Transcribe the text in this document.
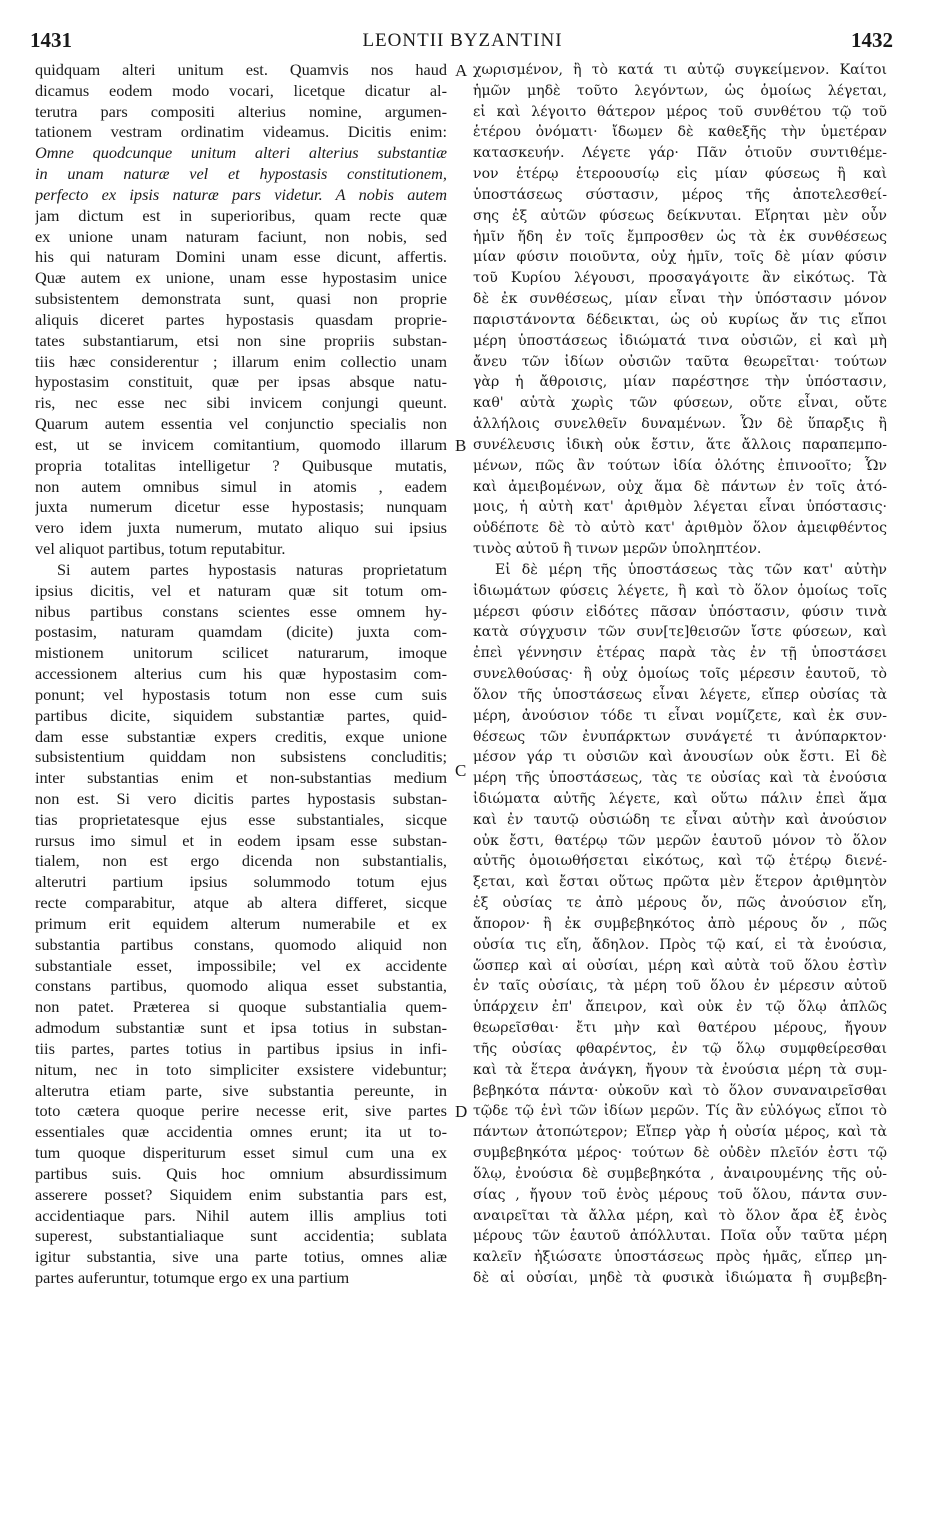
1431	LEONTII BYZANTINI	1432
quidquam alteri unitum est. Quamvis nos haud
dicamus eodem modo vocari, licetque dicatur al-
terutra pars compositi alterius nomine, argumen-
tationem vestram ordinatim videamus. Dicitis enim:
Omne quodcunque unitum alteri alterius substantiæ
in unam naturæ vel et hypostasis constitutionem,
perfecto ex ipsis naturæ pars videtur. A nobis autem
jam dictum est in superioribus, quam recte quæ
ex unione unam naturam faciunt, non nobis, sed
his qui naturam Domini unam esse dicunt, affertis.
Quæ autem ex unione, unam esse hypostasim unice
subsistentem demonstrata sunt, quasi non proprie
aliquis diceret partes hypostasis quasdam proprie-
tates substantiarum, etsi non sine propriis substan-
tiis hæc considerentur ; illarum enim collectio unam
hypostasim constituit, quæ per ipsas absque natu-
ris, nec esse nec sibi invicem conjungi queunt.
Quarum autem essentia vel conjunctio specialis non
est, ut se invicem comitantium, quomodo illarum
propria totalitas intelligetur ? Quibusque mutatis,
non autem omnibus simul in atomis , eadem
juxta numerum dicetur esse hypostasis; nunquam
vero idem juxta numerum, mutato aliquo sui ipsius
vel aliquot partibus, totum reputabitur.
Si autem partes hypostasis naturas proprietatum
ipsius dicitis, vel et naturam quæ sit totum om-
nibus partibus constans scientes esse omnem hy-
postasim, naturam quamdam (dicite) juxta com-
mistionem unitorum scilicet naturarum, imoque
accessionem alterius cum his quæ hypostasim com-
ponunt; vel hypostasis totum non esse cum suis
partibus dicite, siquidem substantiæ partes, quid-
dam esse substantiæ expers creditis, exque unione
subsistentium quiddam non subsistens concluditis;
inter substantias enim et non-substantias medium
non est. Si vero dicitis partes hypostasis substan-
tias proprietatesque ejus esse substantiales, sicque
rursus imo simul et in eodem ipsam esse substan-
tialem, non est ergo dicenda non substantialis,
alterutri partium ipsius solummodo totum ejus
recte comparabitur, atque ab altera differet, sicque
primum erit equidem alterum numerabile et ex
substantia partibus constans, quomodo aliquid non
substantiale esset, impossibile; vel ex accidente
constans partibus, quomodo aliqua esset substantia,
non patet. Præterea si quoque substantialia quem-
admodum substantiæ sunt et ipsa totius in substan-
tiis partes, partes totius in partibus ipsius in infi-
nitum, nec in toto simpliciter exsistere videbuntur;
alterutra etiam parte, sive substantia pereunte, in
toto cætera quoque perire necesse erit, sive partes
essentiales quæ accidentia omnes erunt; ita ut to-
tum quoque disperiturum esset simul cum una ex
partibus suis. Quis hoc omnium absurdissimum
asserere posset? Siquidem enim substantia pars est,
accidentiaque pars. Nihil autem illis amplius toti
superest, substantialiaque sunt accidentia; sublata
igitur substantia, sive una parte totius, omnes aliæ
partes auferuntur, totumque ergo ex una partium
χωρισμένον, ἢ τὸ κατά τι αὐτῷ συγκείμενον. Καίτοι
ἡμῶν μηδὲ τοῦτο λεγόντων, ὡς ὁμοίως λέγεται,
εἰ καὶ λέγοιτο θάτερον μέρος τοῦ συνθέτου τῷ τοῦ
ἑτέρου ὀνόματι· ἴδωμεν δὲ καθεξῆς τὴν ὑμετέραν
κατασκευήν. Λέγετε γάρ· Πᾶν ὁτιοῦν συντιθέμε-
νον ἑτέρῳ ἑτεροουσίῳ εἰς μίαν φύσεως ἢ καὶ
ὑποστάσεως σύστασιν, μέρος τῆς ἀποτελεσθεί-
σης ἐξ αὐτῶν φύσεως δείκνυται. Εἴρηται μὲν οὖν
ἡμῖν ἤδη ἐν τοῖς ἔμπροσθεν ὡς τὰ ἐκ συνθέσεως
μίαν φύσιν ποιοῦντα, οὐχ ἡμῖν, τοῖς δὲ μίαν φύσιν
τοῦ Κυρίου λέγουσι, προσαγάγοιτε ἂν εἰκότως. Τὰ
δὲ ἐκ συνθέσεως, μίαν εἶναι τὴν ὑπόστασιν μόνον
παριστάνοντα δέδεικται, ὡς οὐ κυρίως ἄν τις εἴποι
μέρη ὑποστάσεως ἰδιώματά τινα οὐσιῶν, εἰ καὶ μὴ
ἄνευ τῶν ἰδίων οὐσιῶν ταῦτα θεωρεῖται· τούτων
γὰρ ἡ ἄθροισις, μίαν παρέστησε τὴν ὑπόστασιν,
καθ' αὑτὰ χωρὶς τῶν φύσεων, οὔτε εἶναι, οὔτε
ἀλλήλοις συνελθεῖν δυναμένων. Ὧν δὲ ὕπαρξις ἢ
συνέλευσις ἰδικὴ οὐκ ἔστιν, ἅτε ἄλλοις παραπεμπο-
μένων, πῶς ἂν τούτων ἰδία ὁλότης ἐπινοοῖτο; Ὧν
καὶ ἀμειβομένων, οὐχ ἅμα δὲ πάντων ἐν τοῖς ἀτό-
μοις, ἡ αὐτὴ κατ' ἀριθμὸν λέγεται εἶναι ὑπόστασις·
οὐδέποτε δὲ τὸ αὐτὸ κατ' ἀριθμὸν ὅλον ἀμειφθέντος
τινὸς αὐτοῦ ἢ τινων μερῶν ὑποληπτέον.
Εἰ δὲ μέρη τῆς ὑποστάσεως τὰς τῶν κατ' αὐτὴν
ἰδιωμάτων φύσεις λέγετε, ἢ καὶ τὸ ὅλον ὁμοίως τοῖς
μέρεσι φύσιν εἰδότες πᾶσαν ὑπόστασιν, φύσιν τινὰ
κατὰ σύγχυσιν τῶν συν[τε]θεισῶν ἴστε φύσεων, καὶ
ἐπεὶ γέννησιν ἑτέρας παρὰ τὰς ἐν τῇ ὑποστάσει
συνελθούσας· ἢ οὐχ ὁμοίως τοῖς μέρεσιν ἑαυτοῦ, τὸ
ὅλον τῆς ὑποστάσεως εἶναι λέγετε, εἴπερ οὐσίας τὰ
μέρη, ἀνούσιον τόδε τι εἶναι νομίζετε, καὶ ἐκ συν-
θέσεως τῶν ἐνυπάρκτων συνάγετέ τι ἀνύπαρκτον·
μέσον γάρ τι οὐσιῶν καὶ ἀνουσίων οὐκ ἔστι. Εἰ δὲ
μέρη τῆς ὑποστάσεως, τὰς τε οὐσίας καὶ τὰ ἐνούσια
ἰδιώματα αὐτῆς λέγετε, καὶ οὕτω πάλιν ἐπεὶ ἅμα
καὶ ἐν ταυτῷ οὐσιώδη τε εἶναι αὐτὴν καὶ ἀνούσιον
οὐκ ἔστι, θατέρῳ τῶν μερῶν ἑαυτοῦ μόνον τὸ ὅλον
αὐτῆς ὁμοιωθήσεται εἰκότως, καὶ τῷ ἑτέρῳ διενέ-
ξεται, καὶ ἔσται οὕτως πρῶτα μὲν ἕτερον ἀριθμητὸν
ἐξ οὐσίας τε ἀπὸ μέρους ὄν, πῶς ἀνούσιον εἴη,
ἄπορον· ἢ ἐκ συμβεβηκότος ἀπὸ μέρους ὄν , πῶς
οὐσία τις εἴη, ἄδηλον. Πρὸς τῷ καί, εἰ τὰ ἐνούσια,
ὥσπερ καὶ αἱ οὐσίαι, μέρη καὶ αὐτὰ τοῦ ὅλου ἐστὶν
ἐν ταῖς οὐσίαις, τὰ μέρη τοῦ ὅλου ἐν μέρεσιν αὐτοῦ
ὑπάρχειν ἐπ' ἄπειρον, καὶ οὐκ ἐν τῷ ὅλῳ ἁπλῶς
θεωρεῖσθαι· ἔτι μὴν καὶ θατέρου μέρους, ἤγουν
τῆς οὐσίας φθαρέντος, ἐν τῷ ὅλῳ συμφθείρεσθαι
καὶ τὰ ἕτερα ἀνάγκη, ἤγουν τὰ ἐνούσια μέρη τὰ συμ-
βεβηκότα πάντα· οὐκοῦν καὶ τὸ ὅλον συναναιρεῖσθαι
τῷδε τῷ ἑνὶ τῶν ἰδίων μερῶν. Τίς ἂν εὐλόγως εἴποι τὸ
πάντων ἀτοπώτερον; Εἴπερ γὰρ ἡ οὐσία μέρος, καὶ τὰ
συμβεβηκότα μέρος· τούτων δὲ οὐδὲν πλεῖόν ἐστι τῷ
ὅλῳ, ἐνούσια δὲ συμβεβηκότα , ἀναιρουμένης τῆς οὐ-
σίας , ἤγουν τοῦ ἑνὸς μέρους τοῦ ὅλου, πάντα συν-
αναιρεῖται τὰ ἄλλα μέρη, καὶ τὸ ὅλον ἄρα ἐξ ἑνὸς
μέρους τῶν ἑαυτοῦ ἀπόλλυται. Ποῖα οὖν ταῦτα μέρη
καλεῖν ἠξιώσατε ὑποστάσεως πρὸς ἡμᾶς, εἴπερ μη-
δὲ αἱ οὐσίαι, μηδὲ τὰ φυσικὰ ἰδιώματα ἢ συμβεβη-
A
B
C
D
